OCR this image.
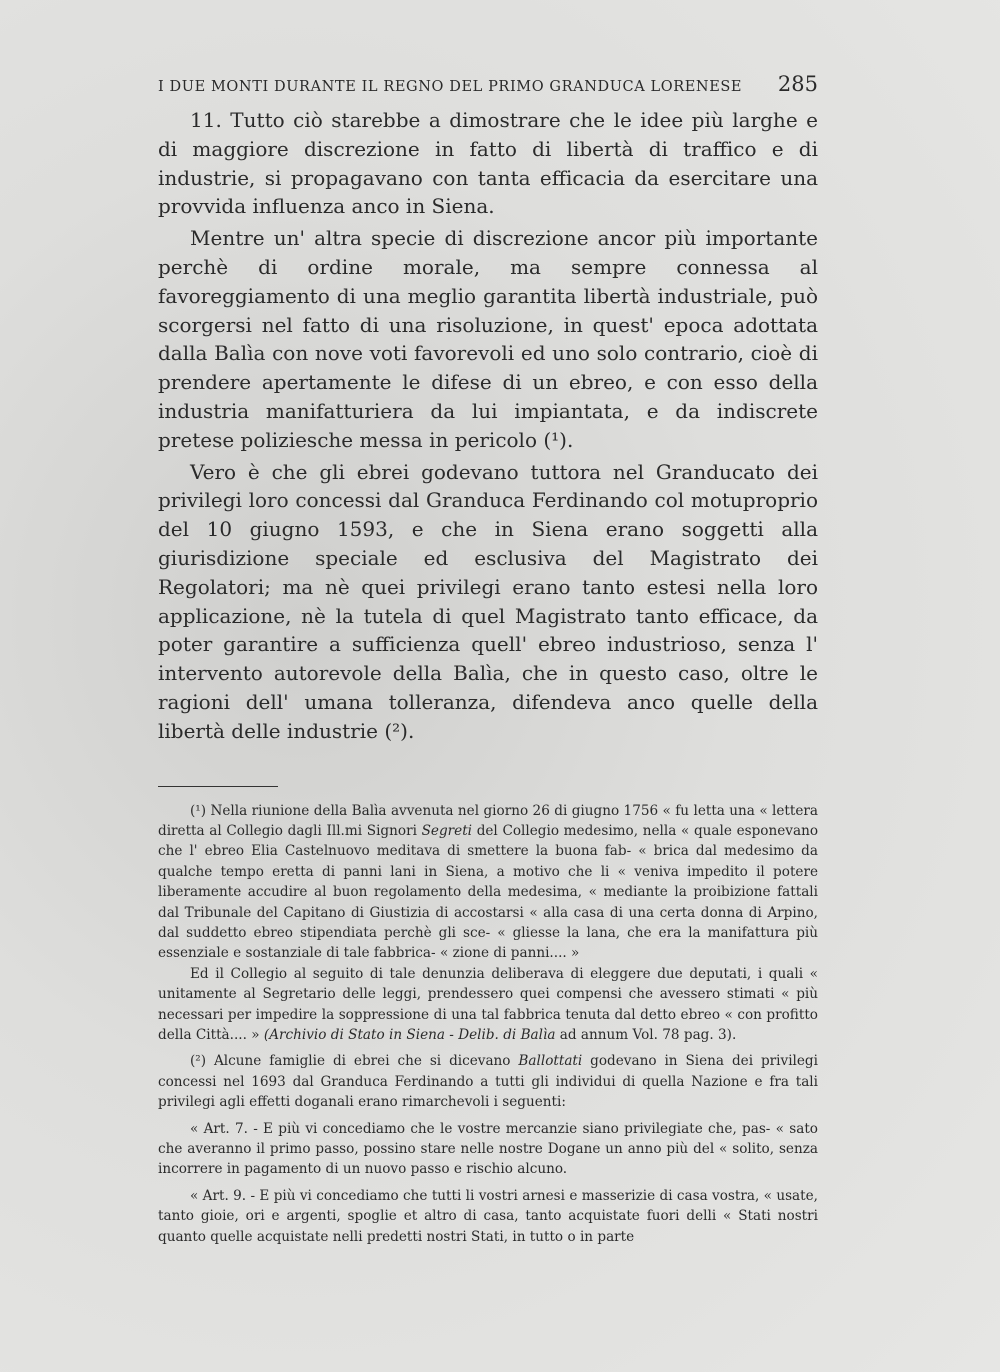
I DUE MONTI DURANTE IL REGNO DEL PRIMO GRANDUCA LORENESE 285

11. Tutto ciò starebbe a dimostrare che le idee più larghe e di maggiore discrezione in fatto di libertà di traffico e di industrie, si propagavano con tanta efficacia da esercitare una provvida influenza anco in Siena.

Mentre un' altra specie di discrezione ancor più importante perchè di ordine morale, ma sempre connessa al favoreggiamento di una meglio garantita libertà industriale, può scorgersi nel fatto di una risoluzione, in quest' epoca adottata dalla Balìa con nove voti favorevoli ed uno solo contrario, cioè di prendere apertamente le difese di un ebreo, e con esso della industria manifatturiera da lui impiantata, e da indiscrete pretese poliziesche messa in pericolo (¹).

Vero è che gli ebrei godevano tuttora nel Granducato dei privilegi loro concessi dal Granduca Ferdinando col motuproprio del 10 giugno 1593, e che in Siena erano soggetti alla giurisdizione speciale ed esclusiva del Magistrato dei Regolatori; ma nè quei privilegi erano tanto estesi nella loro applicazione, nè la tutela di quel Magistrato tanto efficace, da poter garantire a sufficienza quell' ebreo industrioso, senza l' intervento autorevole della Balìa, che in questo caso, oltre le ragioni dell' umana tolleranza, difendeva anco quelle della libertà delle industrie (²).

(¹) Nella riunione della Balìa avvenuta nel giorno 26 di giugno 1756 « fu letta una « lettera diretta al Collegio dagli Ill.mi Signori Segreti del Collegio medesimo, nella « quale esponevano che l' ebreo Elia Castelnuovo meditava di smettere la buona fab- « brica dal medesimo da qualche tempo eretta di panni lani in Siena, a motivo che li « veniva impedito il potere liberamente accudire al buon regolamento della medesima, « mediante la proibizione fattali dal Tribunale del Capitano di Giustizia di accostarsi « alla casa di una certa donna di Arpino, dal suddetto ebreo stipendiata perchè gli sce- « gliesse la lana, che era la manifattura più essenziale e sostanziale di tale fabbrica- « zione di panni.... »

Ed il Collegio al seguito di tale denunzia deliberava di eleggere due deputati, i quali « unitamente al Segretario delle leggi, prendessero quei compensi che avessero stimati « più necessari per impedire la soppressione di una tal fabbrica tenuta dal detto ebreo « con profitto della Città.... » (Archivio di Stato in Siena - Delib. di Balìa ad annum Vol. 78 pag. 3).

(²) Alcune famiglie di ebrei che si dicevano Ballottati godevano in Siena dei privilegi concessi nel 1693 dal Granduca Ferdinando a tutti gli individui di quella Nazione e fra tali privilegi agli effetti doganali erano rimarchevoli i seguenti:

« Art. 7. - E più vi concediamo che le vostre mercanzie siano privilegiate che, pas- « sato che averanno il primo passo, possino stare nelle nostre Dogane un anno più del « solito, senza incorrere in pagamento di un nuovo passo e rischio alcuno.

« Art. 9. - E più vi concediamo che tutti li vostri arnesi e masserizie di casa vostra, « usate, tanto gioie, ori e argenti, spoglie et altro di casa, tanto acquistate fuori delli « Stati nostri quanto quelle acquistate nelli predetti nostri Stati, in tutto o in parte
